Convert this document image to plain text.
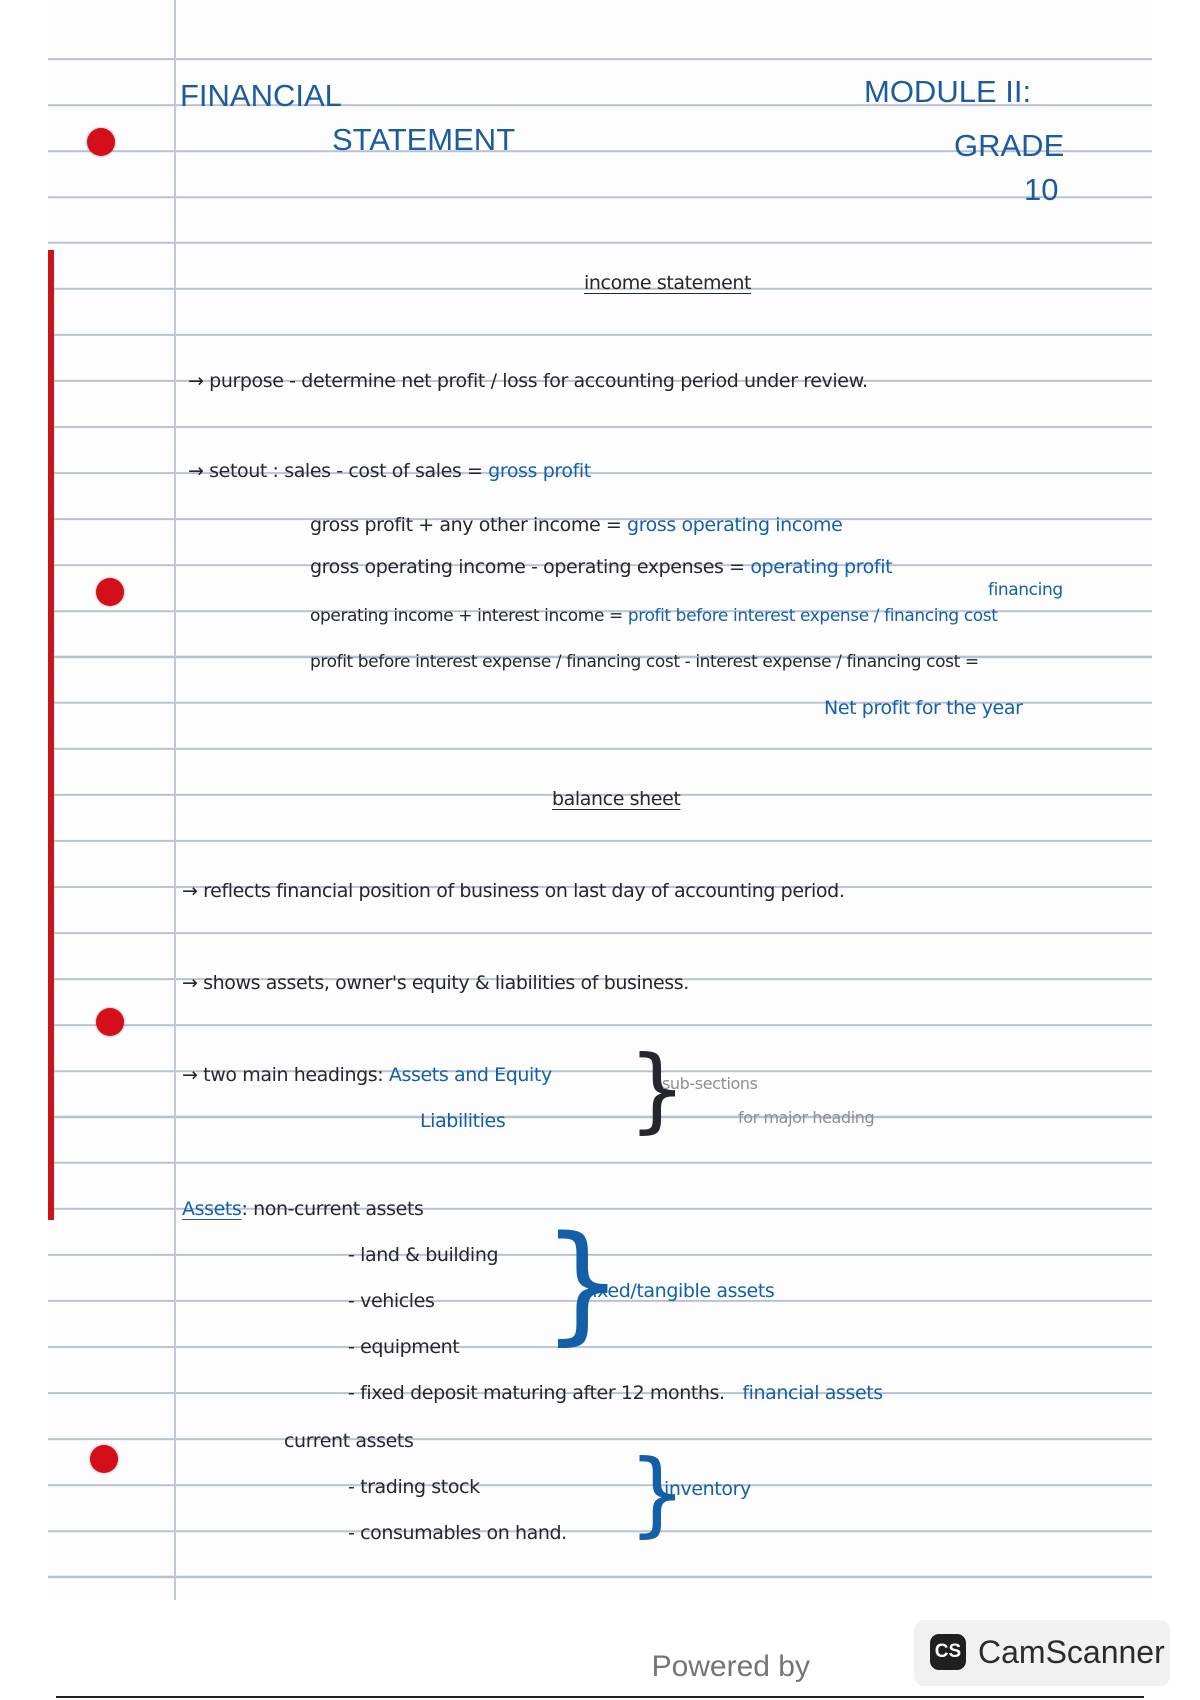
FINANCIAL
STATEMENT
MODULE II:
GRADE
10
income statement
→ purpose - determine net profit / loss for accounting period under review.
→ setout : sales - cost of sales = gross profit
gross profit + any other income = gross operating income
gross operating income - operating expenses = operating profit
financing
operating income + interest income = profit before interest expense / financing cost
profit before interest expense / financing cost - interest expense / financing cost =
Net profit for the year
balance sheet
→ reflects financial position of business on last day of accounting period.
→ shows assets, owner's equity & liabilities of business.
→ two main headings: Assets and Equity
Liabilities }
sub-sections
for major heading
Assets: non-current assets
- land & building
- vehicles
- equipment }
fixed/tangible assets
- fixed deposit maturing after 12 months. financial assets
current assets
- trading stock
- consumables on hand. }
inventory
Powered by	CS CamScanner
